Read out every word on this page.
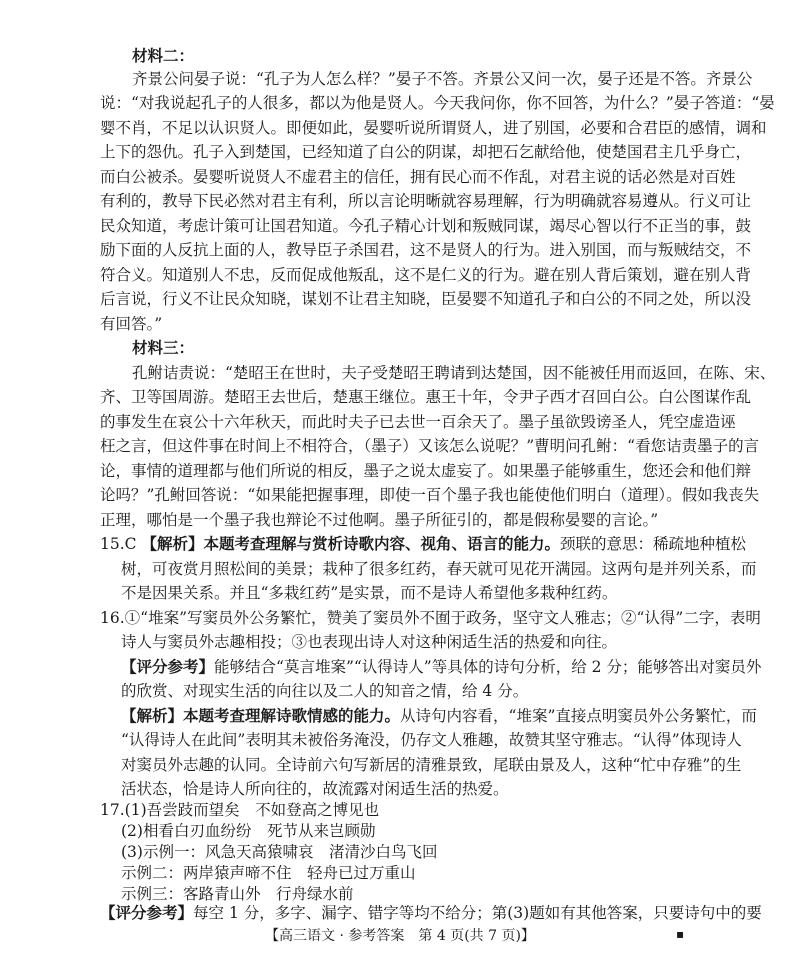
材料二：
齐景公问晏子说：“孔子为人怎么样？”晏子不答。齐景公又问一次，晏子还是不答。齐景公
说：“对我说起孔子的人很多，都以为他是贤人。今天我问你，你不回答，为什么？”晏子答道：“晏
婴不肖，不足以认识贤人。即便如此，晏婴听说所谓贤人，进了别国，必要和合君臣的感情，调和
上下的怨仇。孔子入到楚国，已经知道了白公的阴谋，却把石乞献给他，使楚国君主几乎身亡，
而白公被杀。晏婴听说贤人不虚君主的信任，拥有民心而不作乱，对君主说的话必然是对百姓
有利的，教导下民必然对君主有利，所以言论明晰就容易理解，行为明确就容易遵从。行义可让
民众知道，考虑计策可让国君知道。今孔子精心计划和叛贼同谋，竭尽心智以行不正当的事，鼓
励下面的人反抗上面的人，教导臣子杀国君，这不是贤人的行为。进入别国，而与叛贼结交，不
符合义。知道别人不忠，反而促成他叛乱，这不是仁义的行为。避在别人背后策划，避在别人背
后言说，行义不让民众知晓，谋划不让君主知晓，臣晏婴不知道孔子和白公的不同之处，所以没
有回答。”
材料三：
孔鲋诘责说：“楚昭王在世时，夫子受楚昭王聘请到达楚国，因不能被任用而返回，在陈、宋、
齐、卫等国周游。楚昭王去世后，楚惠王继位。惠王十年，令尹子西才召回白公。白公图谋作乱
的事发生在哀公十六年秋天，而此时夫子已去世一百余天了。墨子虽欲毁谤圣人，凭空虚造诬
枉之言，但这件事在时间上不相符合，（墨子）又该怎么说呢？”曹明问孔鲋：“看您诘责墨子的言
论，事情的道理都与他们所说的相反，墨子之说太虚妄了。如果墨子能够重生，您还会和他们辩
论吗？”孔鲋回答说：“如果能把握事理，即使一百个墨子我也能使他们明白（道理）。假如我丧失
正理，哪怕是一个墨子我也辩论不过他啊。墨子所征引的，都是假称晏婴的言论。”
15.C 【解析】本题考查理解与赏析诗歌内容、视角、语言的能力。颈联的意思：稀疏地种植松
树，可夜赏月照松间的美景；栽种了很多红药，春天就可见花开满园。这两句是并列关系，而
不是因果关系。并且“多栽红药”是实景，而不是诗人希望他多栽种红药。
16.①“堆案”写窦员外公务繁忙，赞美了窦员外不囿于政务，坚守文人雅志；②“认得”二字，表明
诗人与窦员外志趣相投；③也表现出诗人对这种闲适生活的热爱和向往。
【评分参考】能够结合“莫言堆案”“认得诗人”等具体的诗句分析，给 2 分；能够答出对窦员外
的欣赏、对现实生活的向往以及二人的知音之情，给 4 分。
【解析】本题考查理解诗歌情感的能力。从诗句内容看，“堆案”直接点明窦员外公务繁忙，而
“认得诗人在此间”表明其未被俗务淹没，仍存文人雅趣，故赞其坚守雅志。“认得”体现诗人
对窦员外志趣的认同。全诗前六句写新居的清雅景致，尾联由景及人，这种“忙中存雅”的生
活状态，恰是诗人所向往的，故流露对闲适生活的热爱。
17.(1)吾尝跂而望矣　不如登高之博见也
(2)相看白刃血纷纷　死节从来岂顾勋
(3)示例一：风急天高猿啸哀　渚清沙白鸟飞回
示例二：两岸猿声啼不住　轻舟已过万重山
示例三：客路青山外　行舟绿水前
【评分参考】每空 1 分，多字、漏字、错字等均不给分；第(3)题如有其他答案，只要诗句中的要
【高三语文 · 参考答案　第 4 页(共 7 页)】	▪
